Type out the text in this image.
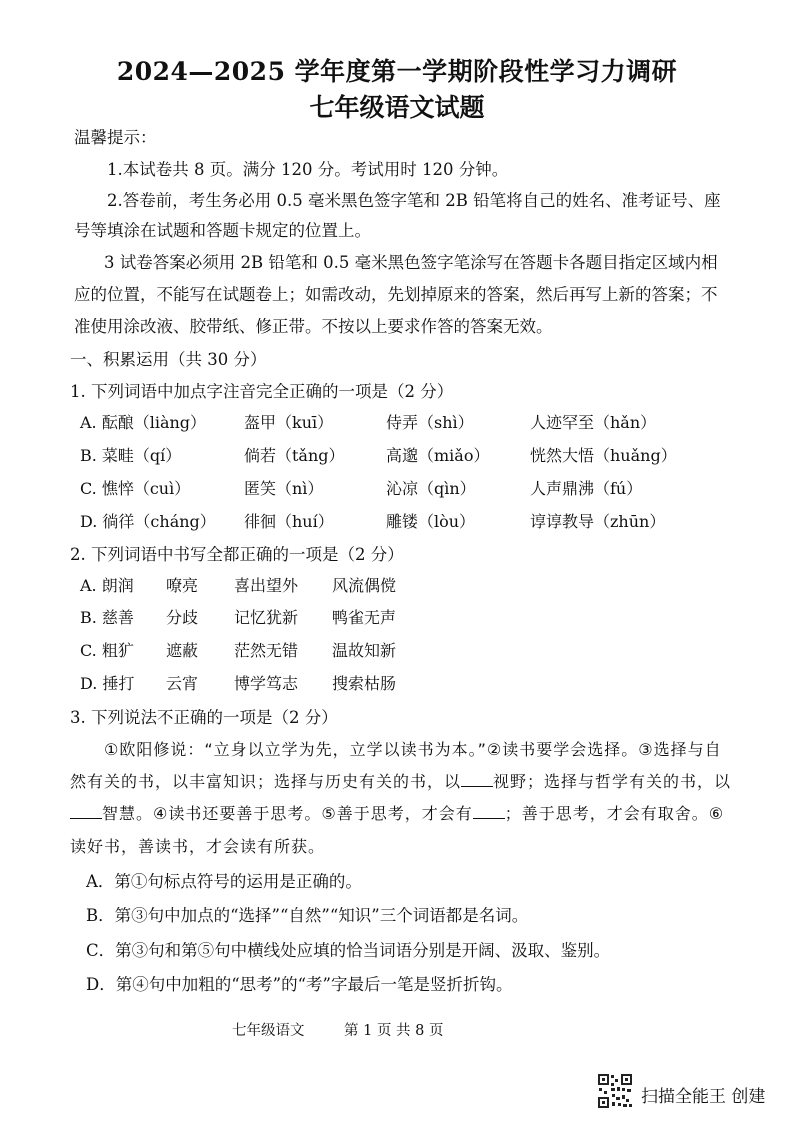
2024—2025 学年度第一学期阶段性学习力调研
七年级语文试题
温馨提示：
1.本试卷共 8 页。满分 120 分。考试用时 120 分钟。
2.答卷前，考生务必用 0.5 毫米黑色签字笔和 2B 铅笔将自己的姓名、准考证号、座
号等填涂在试题和答题卡规定的位置上。
3 试卷答案必须用 2B 铅笔和 0.5 毫米黑色签字笔涂写在答题卡各题目指定区域内相
应的位置，不能写在试题卷上；如需改动，先划掉原来的答案，然后再写上新的答案；不
准使用涂改液、胶带纸、修正带。不按以上要求作答的答案无效。
一、积累运用（共 30 分）
1. 下列词语中加点字注音完全正确的一项是（2 分）
A. 酝酿（liàng） 盔甲（kuī）	侍弄（shì）	人迹罕至（hǎn）
B. 菜畦（qí）	倘若（tǎng）	高邈（miǎo）	恍然大悟（huǎng）
C. 憔悴（cuì）	匿笑（nì）	沁凉（qìn）	人声鼎沸（fú）
D. 徜徉（cháng） 徘徊（huí）	雕镂（lòu）	谆谆教导（zhūn）
2. 下列词语中书写全都正确的一项是（2 分）
A. 朗润 嘹亮 喜出望外 风流偶傥
B. 慈善 分歧 记忆犹新 鸭雀无声
C. 粗犷 遮蔽 茫然无错 温故知新
D. 捶打 云宵 博学笃志 搜索枯肠
3. 下列说法不正确的一项是（2 分）
①欧阳修说：“立身以立学为先，立学以读书为本。”②读书要学会选择。③选择与自
然有关的书，以丰富知识；选择与历史有关的书，以 视野；选择与哲学有关的书，以
智慧。④读书还要善于思考。⑤善于思考，才会有 ；善于思考，才会有取舍。⑥
读好书，善读书，才会读有所获。
A．第①句标点符号的运用是正确的。
B．第③句中加点的“选择”“自然”“知识”三个词语都是名词。
C．第③句和第⑤句中横线处应填的恰当词语分别是开阔、汲取、鉴别。
D．第④句中加粗的“思考”的“考”字最后一笔是竖折折钩。
七年级语文	第 1 页 共 8 页
扫描全能王 创建
